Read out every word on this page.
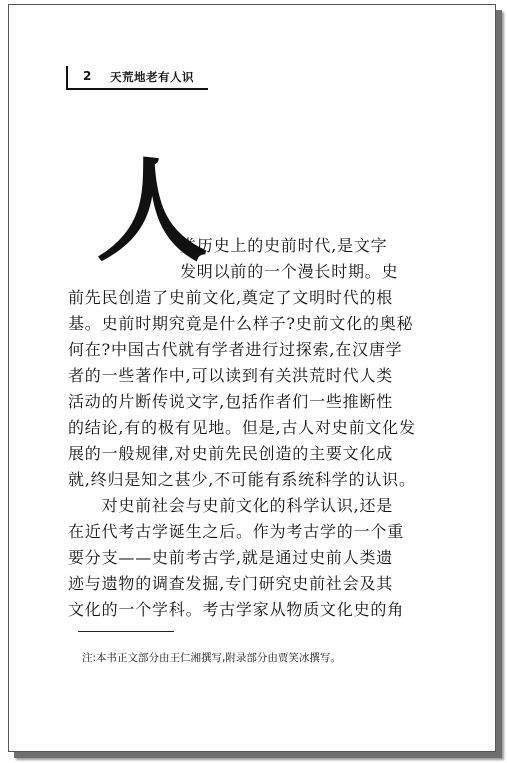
2 天荒地老有人识
人
类历史上的史前时代,是文字
发明以前的一个漫长时期。史
前先民创造了史前文化,奠定了文明时代的根
基。史前时期究竟是什么样子?史前文化的奥秘
何在?中国古代就有学者进行过探索,在汉唐学
者的一些著作中,可以读到有关洪荒时代人类
活动的片断传说文字,包括作者们一些推断性
的结论,有的极有见地。但是,古人对史前文化发
展的一般规律,对史前先民创造的主要文化成
就,终归是知之甚少,不可能有系统科学的认识。
　　对史前社会与史前文化的科学认识,还是
在近代考古学诞生之后。作为考古学的一个重
要分支——史前考古学,就是通过史前人类遗
迹与遗物的调查发掘,专门研究史前社会及其
文化的一个学科。考古学家从物质文化史的角
注:本书正文部分由王仁湘撰写,附录部分由贾笑冰撰写。
